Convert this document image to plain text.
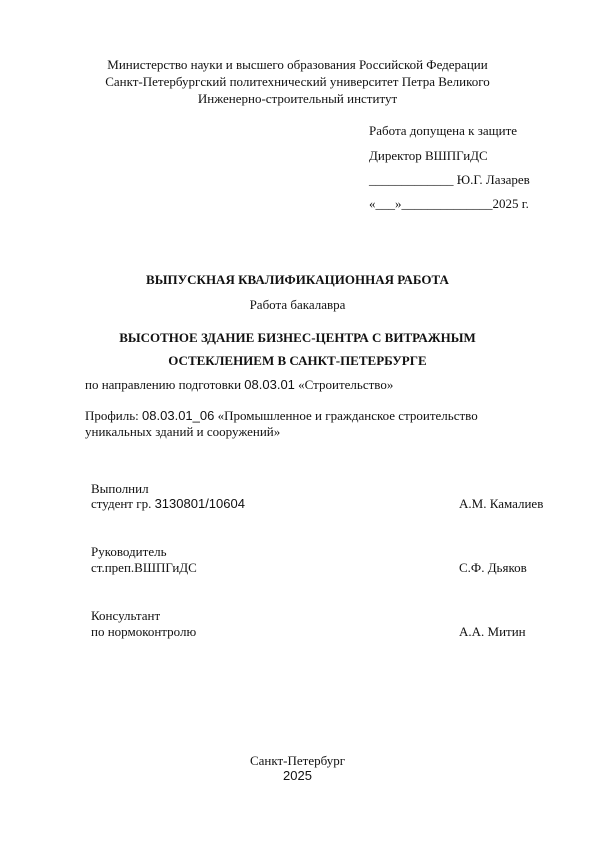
Министерство науки и высшего образования Российской Федерации
Санкт-Петербургский политехнический университет Петра Великого
Инженерно-строительный институт
Работа допущена к защите
Директор ВШПГиДС
_____________ Ю.Г. Лазарев
«___»______________2025 г.
ВЫПУСКНАЯ КВАЛИФИКАЦИОННАЯ РАБОТА
Работа бакалавра
ВЫСОТНОЕ ЗДАНИЕ БИЗНЕС-ЦЕНТРА С ВИТРАЖНЫМ
ОСТЕКЛЕНИЕМ В САНКТ-ПЕТЕРБУРГЕ
по направлению подготовки 08.03.01 «Строительство»
Профиль: 08.03.01_06 «Промышленное и гражданское строительство
уникальных зданий и сооружений»
Выполнил
студент гр. 3130801/10604	А.М. Камалиев
Руководитель
ст.преп.ВШПГиДС	С.Ф. Дьяков
Консультант
по нормоконтролю	А.А. Митин
Санкт-Петербург
2025
